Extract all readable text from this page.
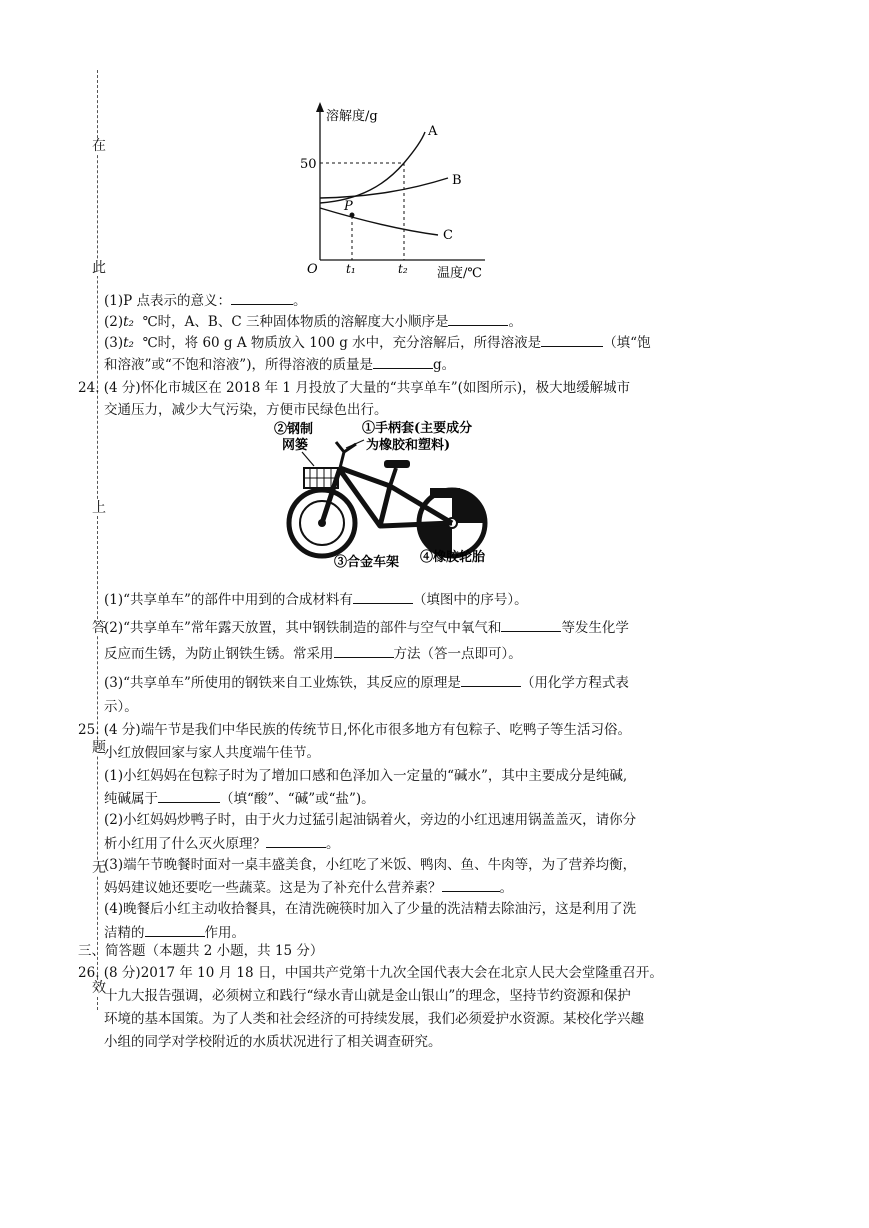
在
此
上
答
题
无
效
溶解度/g
温度/℃
O
50
t₁	t₂
P
A
B
C
(1)P 点表示的意义：	。
(2)t₂ ℃时，A、B、C 三种固体物质的溶解度大小顺序是	。
(3)t₂ ℃时，将 60 g A 物质放入 100 g 水中，充分溶解后，所得溶液是	（填“饱
和溶液”或“不饱和溶液”)，所得溶液的质量是	g。
24. (4 分)怀化市城区在 2018 年 1 月投放了大量的“共享单车”(如图所示)，极大地缓解城市
交通压力，减少大气污染，方便市民绿色出行。
②钢制
网篓
①手柄套(主要成分
为橡胶和塑料)
③合金车架 ④橡胶轮胎
(1)“共享单车”的部件中用到的合成材料有	（填图中的序号）。
(2)“共享单车”常年露天放置，其中钢铁制造的部件与空气中氧气和	等发生化学
反应而生锈，为防止钢铁生锈。常采用	方法（答一点即可）。
(3)“共享单车”所使用的钢铁来自工业炼铁，其反应的原理是	（用化学方程式表
示）。
25. (4 分)端午节是我们中华民族的传统节日,怀化市很多地方有包粽子、吃鸭子等生活习俗。
小红放假回家与家人共度端午佳节。
(1)小红妈妈在包粽子时为了增加口感和色泽加入一定量的“碱水”，其中主要成分是纯碱,
纯碱属于	（填“酸”、“碱”或“盐”)。
(2)小红妈妈炒鸭子时，由于火力过猛引起油锅着火，旁边的小红迅速用锅盖盖灭，请你分
析小红用了什么灭火原理？	。
(3)端午节晚餐时面对一桌丰盛美食，小红吃了米饭、鸭肉、鱼、牛肉等，为了营养均衡，
妈妈建议她还要吃一些蔬菜。这是为了补充什么营养素？	。
(4)晚餐后小红主动收拾餐具，在清洗碗筷时加入了少量的洗洁精去除油污，这是利用了洗
洁精的	作用。
三、简答题（本题共 2 小题，共 15 分）
26. (8 分)2017 年 10 月 18 日，中国共产党第十九次全国代表大会在北京人民大会堂隆重召开。
十九大报告强调，必须树立和践行“绿水青山就是金山银山”的理念，坚持节约资源和保护
环境的基本国策。为了人类和社会经济的可持续发展，我们必须爱护水资源。某校化学兴趣
小组的同学对学校附近的水质状况进行了相关调查研究。
